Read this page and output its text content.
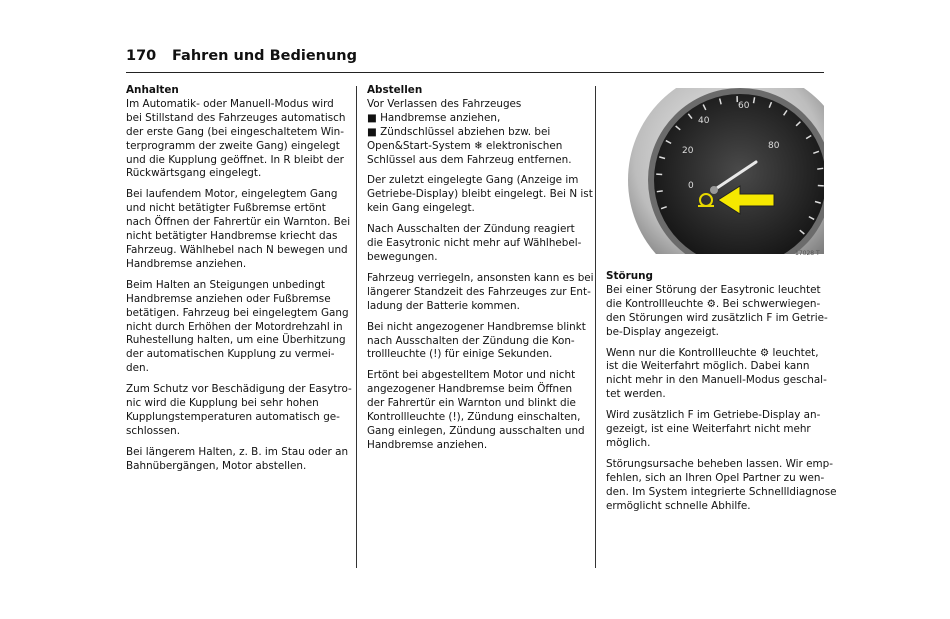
170 Fahren und Bedienung

Anhalten

Im Automatik- oder Manuell-Modus wird
bei Stillstand des Fahrzeuges automatisch
der erste Gang (bei eingeschaltetem Win-
terprogramm der zweite Gang) eingelegt
und die Kupplung geöffnet. In R bleibt der
Rückwärtsgang eingelegt.
Bei laufendem Motor, eingelegtem Gang
und nicht betätigter Fußbremse ertönt
nach Öffnen der Fahrertür ein Warnton. Bei
nicht betätigter Handbremse kriecht das
Fahrzeug. Wählhebel nach N bewegen und
Handbremse anziehen.
Beim Halten an Steigungen unbedingt
Handbremse anziehen oder Fußbremse
betätigen. Fahrzeug bei eingelegtem Gang
nicht durch Erhöhen der Motordrehzahl in
Ruhestellung halten, um eine Überhitzung
der automatischen Kupplung zu vermei-
den.
Zum Schutz vor Beschädigung der Easytro-
nic wird die Kupplung bei sehr hohen
Kupplungstemperaturen automatisch ge-
schlossen.
Bei längerem Halten, z. B. im Stau oder an
Bahnübergängen, Motor abstellen.

Abstellen

Vor Verlassen des Fahrzeuges
■ Handbremse anziehen,
■ Zündschlüssel abziehen bzw. bei
Open&Start-System ❄ elektronischen
Schlüssel aus dem Fahrzeug entfernen.
Der zuletzt eingelegte Gang (Anzeige im
Getriebe-Display) bleibt eingelegt. Bei N ist
kein Gang eingelegt.
Nach Ausschalten der Zündung reagiert
die Easytronic nicht mehr auf Wählhebel-
bewegungen.
Fahrzeug verriegeln, ansonsten kann es bei
längerer Standzeit des Fahrzeuges zur Ent-
ladung der Batterie kommen.
Bei nicht angezogener Handbremse blinkt
nach Ausschalten der Zündung die Kon-
trollleuchte (!) für einige Sekunden.
Ertönt bei abgestelltem Motor und nicht
angezogener Handbremse beim Öffnen
der Fahrertür ein Warnton und blinkt die
Kontrollleuchte (!), Zündung einschalten,
Gang einlegen, Zündung ausschalten und
Handbremse anziehen.
0
20
40
60
80
17028 T

Störung

Bei einer Störung der Easytronic leuchtet
die Kontrollleuchte ⚙. Bei schwerwiegen-
den Störungen wird zusätzlich F im Getrie-
be-Display angezeigt.
Wenn nur die Kontrollleuchte ⚙ leuchtet,
ist die Weiterfahrt möglich. Dabei kann
nicht mehr in den Manuell-Modus geschal-
tet werden.
Wird zusätzlich F im Getriebe-Display an-
gezeigt, ist eine Weiterfahrt nicht mehr
möglich.
Störungsursache beheben lassen. Wir emp-
fehlen, sich an Ihren Opel Partner zu wen-
den. Im System integrierte Schnellldiagnose
ermöglicht schnelle Abhilfe.
